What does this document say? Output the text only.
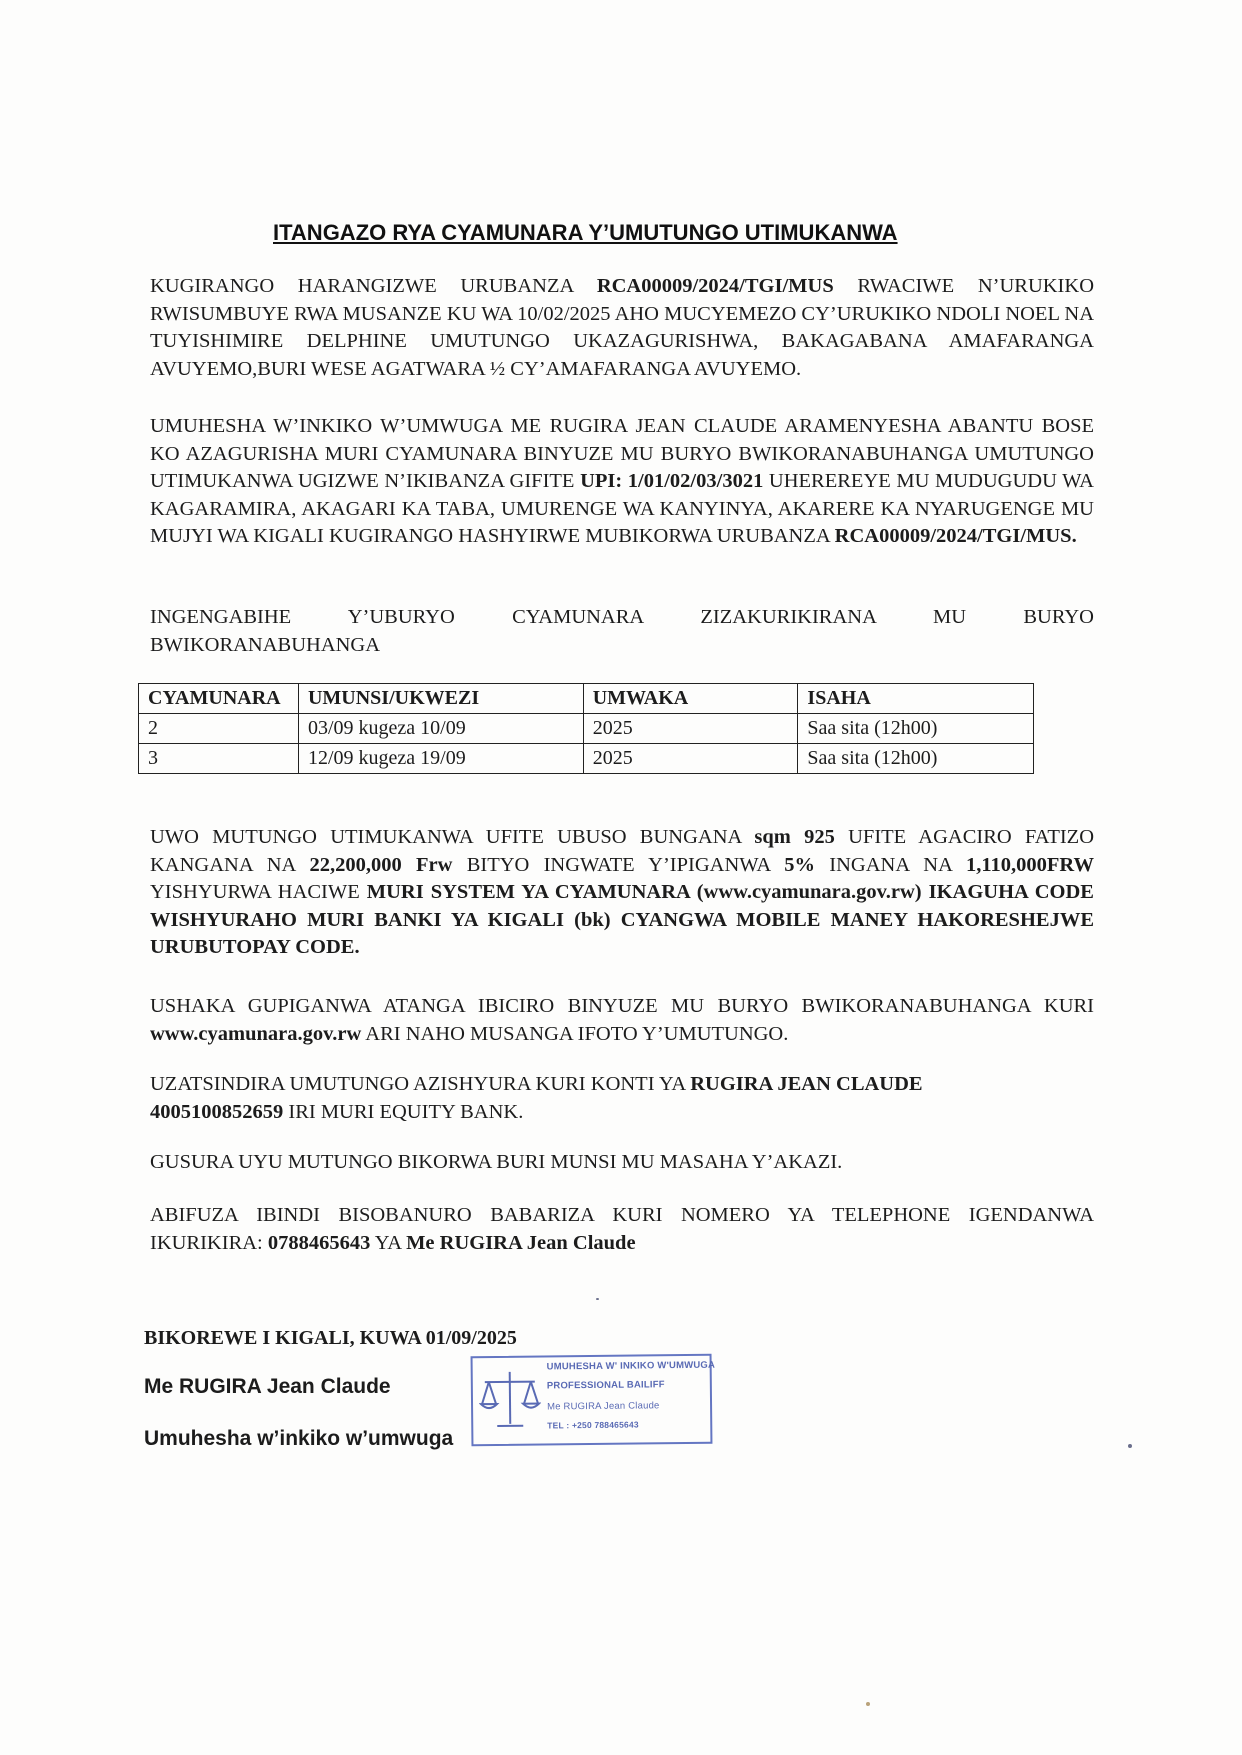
ITANGAZO RYA CYAMUNARA Y’UMUTUNGO UTIMUKANWA
KUGIRANGO HARANGIZWE URUBANZA RCA00009/2024/TGI/MUS RWACIWE N’URUKIKO RWISUMBUYE RWA MUSANZE KU WA 10/02/2025 AHO MUCYEMEZO CY’URUKIKO NDOLI NOEL NA TUYISHIMIRE DELPHINE UMUTUNGO UKAZAGURISHWA, BAKAGABANA AMAFARANGA AVUYEMO,BURI WESE AGATWARA ½ CY’AMAFARANGA AVUYEMO.
UMUHESHA W’INKIKO W’UMWUGA ME RUGIRA JEAN CLAUDE ARAMENYESHA ABANTU BOSE KO AZAGURISHA MURI CYAMUNARA BINYUZE MU BURYO BWIKORANABUHANGA UMUTUNGO UTIMUKANWA UGIZWE N’IKIBANZA GIFITE UPI: 1/01/02/03/3021 UHEREREYE MU MUDUGUDU WA KAGARAMIRA, AKAGARI KA TABA, UMURENGE WA KANYINYA, AKARERE KA NYARUGENGE MU MUJYI WA KIGALI KUGIRANGO HASHYIRWE MUBIKORWA URUBANZA RCA00009/2024/TGI/MUS.
INGENGABIHE Y’UBURYO CYAMUNARA ZIZAKURIKIRANA MU BURYO
BWIKORANABUHANGA
CYAMUNARA	UMUNSI/UKWEZI	UMWAKA	ISAHA
2	03/09 kugeza 10/09	2025	Saa sita (12h00)
3	12/09 kugeza 19/09	2025	Saa sita (12h00)
UWO MUTUNGO UTIMUKANWA UFITE UBUSO BUNGANA sqm 925 UFITE AGACIRO FATIZO KANGANA NA 22,200,000 Frw BITYO INGWATE Y’IPIGANWA 5% INGANA NA 1,110,000FRW YISHYURWA HACIWE MURI SYSTEM YA CYAMUNARA (www.cyamunara.gov.rw) IKAGUHA CODE WISHYURAHO MURI BANKI YA KIGALI (bk) CYANGWA MOBILE MANEY HAKORESHEJWE URUBUTOPAY CODE.
USHAKA GUPIGANWA ATANGA IBICIRO BINYUZE MU BURYO BWIKORANABUHANGA KURI www.cyamunara.gov.rw ARI NAHO MUSANGA IFOTO Y’UMUTUNGO.
UZATSINDIRA UMUTUNGO AZISHYURA KURI KONTI YA RUGIRA JEAN CLAUDE
4005100852659 IRI MURI EQUITY BANK.
GUSURA UYU MUTUNGO BIKORWA BURI MUNSI MU MASAHA Y’AKAZI.
ABIFUZA IBINDI BISOBANURO BABARIZA KURI NOMERO YA TELEPHONE IGENDANWA IKURIKIRA: 0788465643 YA Me RUGIRA Jean Claude
BIKOREWE I KIGALI, KUWA 01/09/2025
Me RUGIRA Jean Claude
Umuhesha w’inkiko w’umwuga
UMUHESHA W' INKIKO W'UMWUGA
PROFESSIONAL BAILIFF
Me RUGIRA Jean Claude
TEL : +250 788465643
